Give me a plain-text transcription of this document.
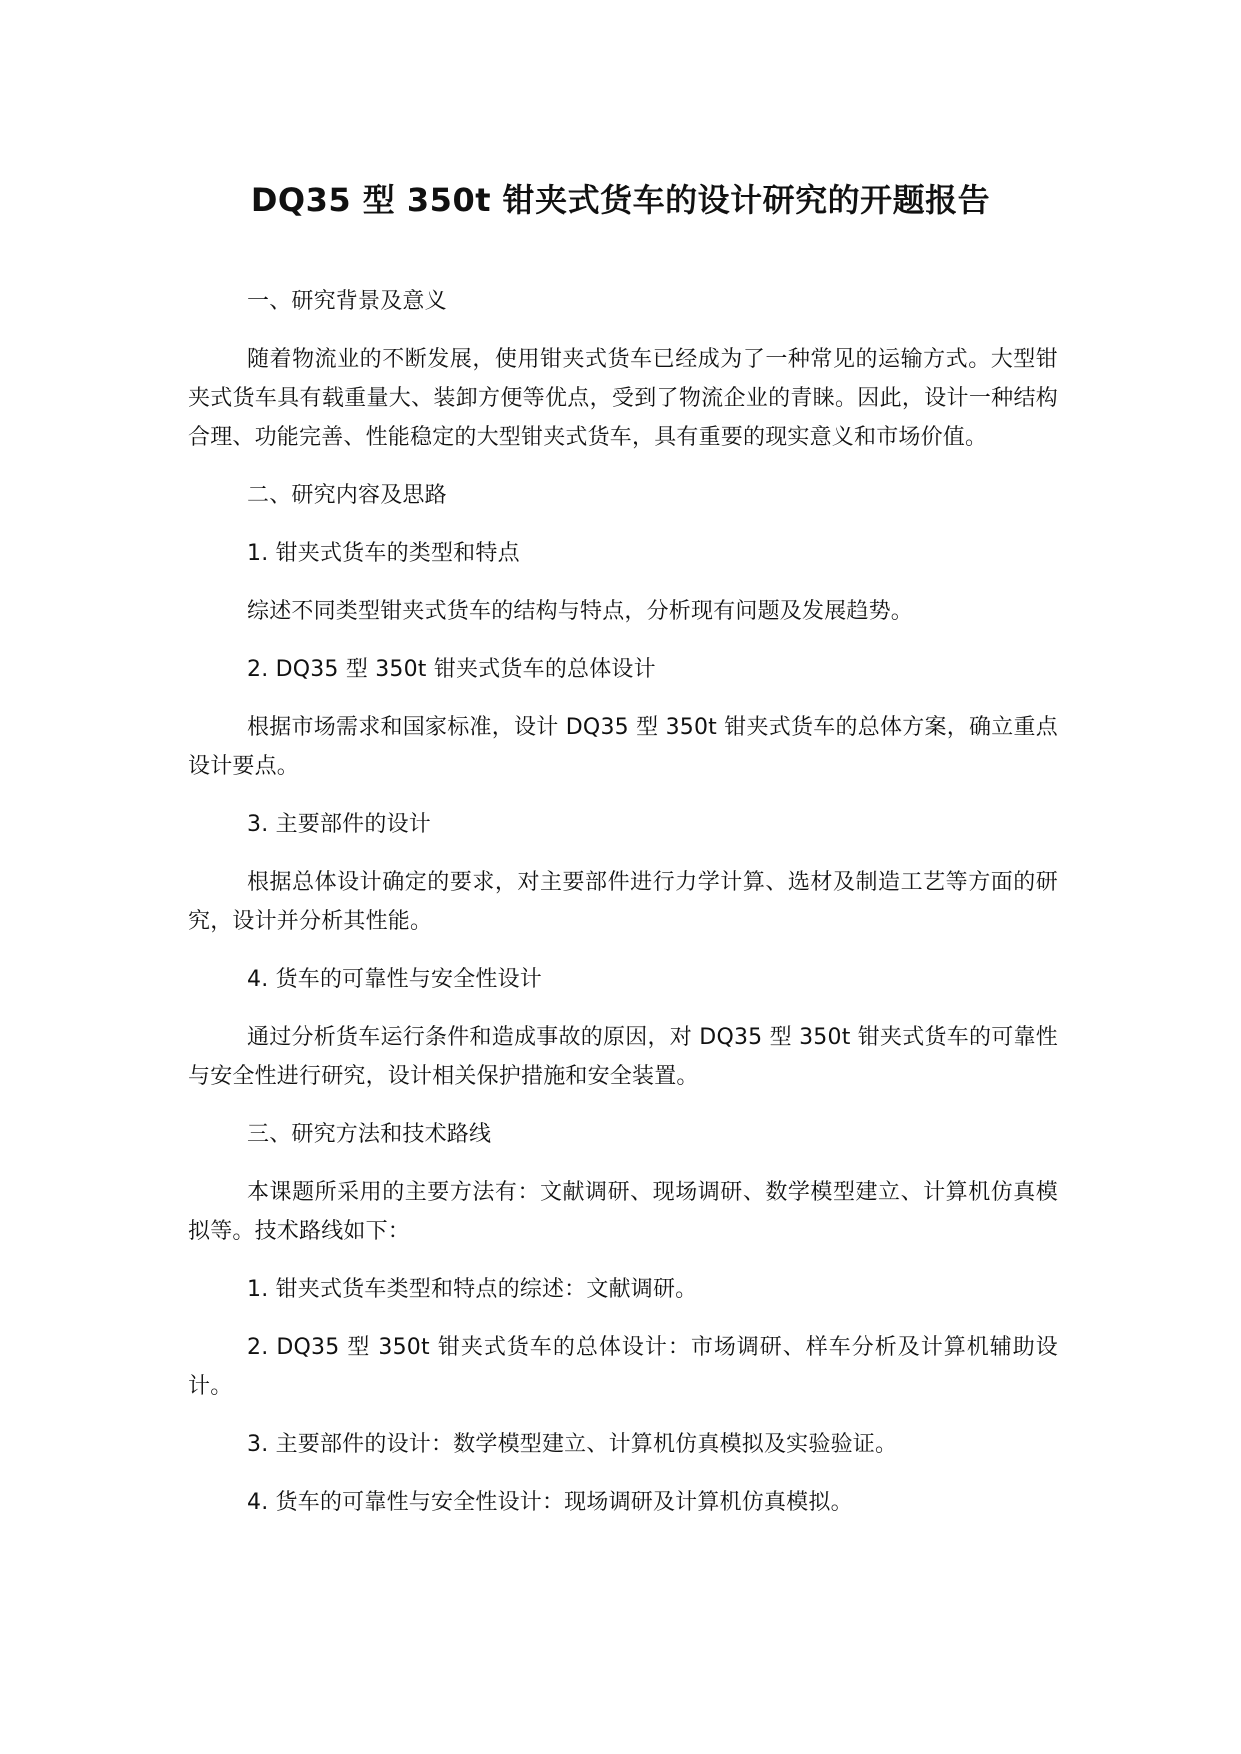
DQ35 型 350t 钳夹式货车的设计研究的开题报告

一、研究背景及意义

随着物流业的不断发展，使用钳夹式货车已经成为了一种常见的运输方式。大型钳夹式货车具有载重量大、装卸方便等优点，受到了物流企业的青睐。因此，设计一种结构合理、功能完善、性能稳定的大型钳夹式货车，具有重要的现实意义和市场价值。

二、研究内容及思路

1. 钳夹式货车的类型和特点

综述不同类型钳夹式货车的结构与特点，分析现有问题及发展趋势。

2. DQ35 型 350t 钳夹式货车的总体设计

根据市场需求和国家标准，设计 DQ35 型 350t 钳夹式货车的总体方案，确立重点设计要点。

3. 主要部件的设计

根据总体设计确定的要求，对主要部件进行力学计算、选材及制造工艺等方面的研究，设计并分析其性能。

4. 货车的可靠性与安全性设计

通过分析货车运行条件和造成事故的原因，对 DQ35 型 350t 钳夹式货车的可靠性与安全性进行研究，设计相关保护措施和安全装置。

三、研究方法和技术路线

本课题所采用的主要方法有：文献调研、现场调研、数学模型建立、计算机仿真模拟等。技术路线如下：

1. 钳夹式货车类型和特点的综述：文献调研。

2. DQ35 型 350t 钳夹式货车的总体设计：市场调研、样车分析及计算机辅助设计。

3. 主要部件的设计：数学模型建立、计算机仿真模拟及实验验证。

4. 货车的可靠性与安全性设计：现场调研及计算机仿真模拟。
